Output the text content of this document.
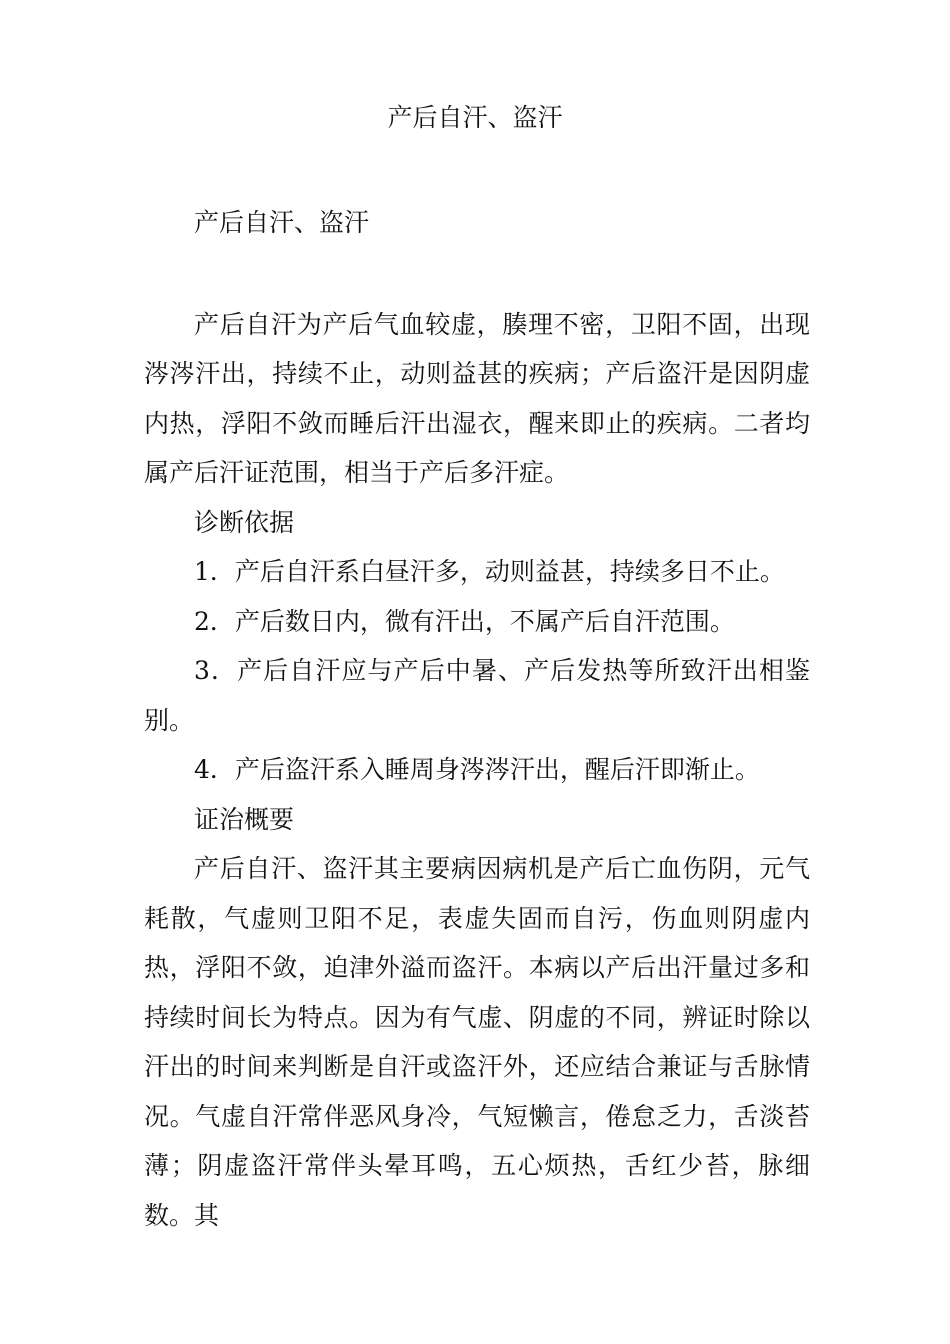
产后自汗、盗汗

产后自汗、盗汗

产后自汗为产后气血较虚，腠理不密，卫阳不固，出现涔涔汗出，持续不止，动则益甚的疾病；产后盗汗是因阴虚内热，浮阳不敛而睡后汗出湿衣，醒来即止的疾病。二者均属产后汗证范围，相当于产后多汗症。

诊断依据

1．产后自汗系白昼汗多，动则益甚，持续多日不止。

2．产后数日内，微有汗出，不属产后自汗范围。

3．产后自汗应与产后中暑、产后发热等所致汗出相鉴别。

4．产后盗汗系入睡周身涔涔汗出，醒后汗即渐止。

证治概要

产后自汗、盗汗其主要病因病机是产后亡血伤阴，元气耗散，气虚则卫阳不足，表虚失固而自污，伤血则阴虚内热，浮阳不敛，迫津外溢而盗汗。本病以产后出汗量过多和持续时间长为特点。因为有气虚、阴虚的不同，辨证时除以汗出的时间来判断是自汗或盗汗外，还应结合兼证与舌脉情况。气虚自汗常伴恶风身冷，气短懒言，倦怠乏力，舌淡苔薄；阴虚盗汗常伴头晕耳鸣，五心烦热，舌红少苔，脉细数。其
